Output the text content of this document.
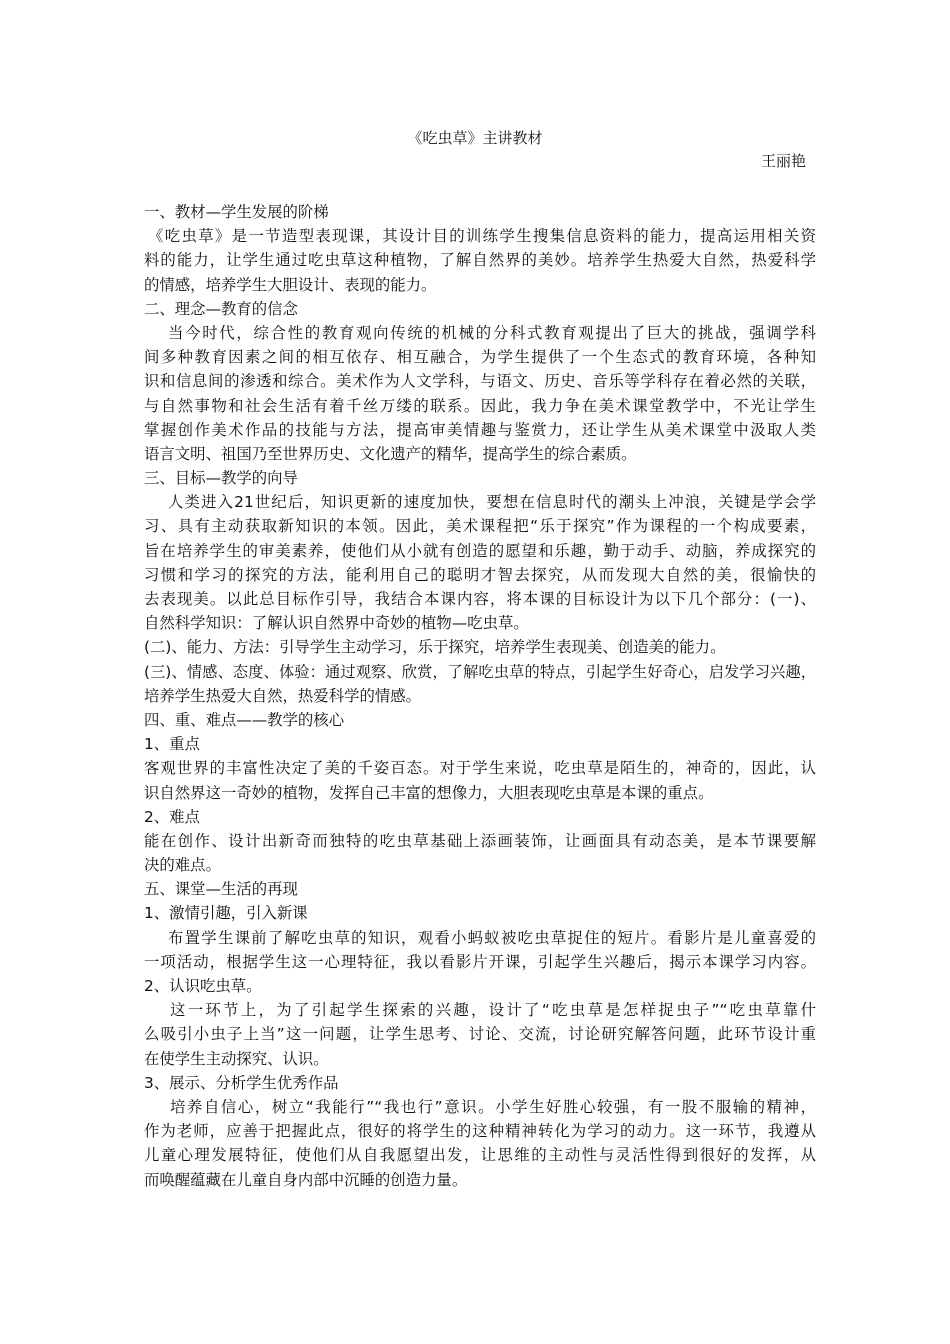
《吃虫草》主讲教材
王丽艳
一、教材—学生发展的阶梯
《吃虫草》是一节造型表现课，其设计目的训练学生搜集信息资料的能力，提高运用相关资
料的能力，让学生通过吃虫草这种植物，了解自然界的美妙。培养学生热爱大自然，热爱科学
的情感，培养学生大胆设计、表现的能力。
二、理念—教育的信念
当今时代，综合性的教育观向传统的机械的分科式教育观提出了巨大的挑战，强调学科
间多种教育因素之间的相互依存、相互融合，为学生提供了一个生态式的教育环境，各种知
识和信息间的渗透和综合。美术作为人文学科，与语文、历史、音乐等学科存在着必然的关联，
与自然事物和社会生活有着千丝万缕的联系。因此，我力争在美术课堂教学中，不光让学生
掌握创作美术作品的技能与方法，提高审美情趣与鉴赏力，还让学生从美术课堂中汲取人类
语言文明、祖国乃至世界历史、文化遗产的精华，提高学生的综合素质。
三、目标—教学的向导
人类进入21世纪后，知识更新的速度加快，要想在信息时代的潮头上冲浪，关键是学会学
习、具有主动获取新知识的本领。因此，美术课程把“乐于探究”作为课程的一个构成要素，
旨在培养学生的审美素养，使他们从小就有创造的愿望和乐趣，勤于动手、动脑，养成探究的
习惯和学习的探究的方法，能利用自己的聪明才智去探究，从而发现大自然的美，很愉快的
去表现美。以此总目标作引导，我结合本课内容，将本课的目标设计为以下几个部分：(一)、
自然科学知识：了解认识自然界中奇妙的植物—吃虫草。
(二)、能力、方法：引导学生主动学习，乐于探究，培养学生表现美、创造美的能力。
(三)、情感、态度、体验：通过观察、欣赏，了解吃虫草的特点，引起学生好奇心，启发学习兴趣，
培养学生热爱大自然，热爱科学的情感。
四、重、难点——教学的核心
1、重点
客观世界的丰富性决定了美的千姿百态。对于学生来说，吃虫草是陌生的，神奇的，因此，认
识自然界这一奇妙的植物，发挥自己丰富的想像力，大胆表现吃虫草是本课的重点。
2、难点
能在创作、设计出新奇而独特的吃虫草基础上添画装饰，让画面具有动态美，是本节课要解
决的难点。
五、课堂—生活的再现
1、激情引趣，引入新课
布置学生课前了解吃虫草的知识，观看小蚂蚁被吃虫草捉住的短片。看影片是儿童喜爱的
一项活动，根据学生这一心理特征，我以看影片开课，引起学生兴趣后，揭示本课学习内容。
2、认识吃虫草。
这一环节上，为了引起学生探索的兴趣，设计了“吃虫草是怎样捉虫子”“吃虫草靠什
么吸引小虫子上当”这一问题，让学生思考、讨论、交流，讨论研究解答问题，此环节设计重
在使学生主动探究、认识。
3、展示、分析学生优秀作品
培养自信心，树立“我能行”“我也行”意识。小学生好胜心较强，有一股不服输的精神，
作为老师，应善于把握此点，很好的将学生的这种精神转化为学习的动力。这一环节，我遵从
儿童心理发展特征，使他们从自我愿望出发，让思维的主动性与灵活性得到很好的发挥，从
而唤醒蕴藏在儿童自身内部中沉睡的创造力量。
